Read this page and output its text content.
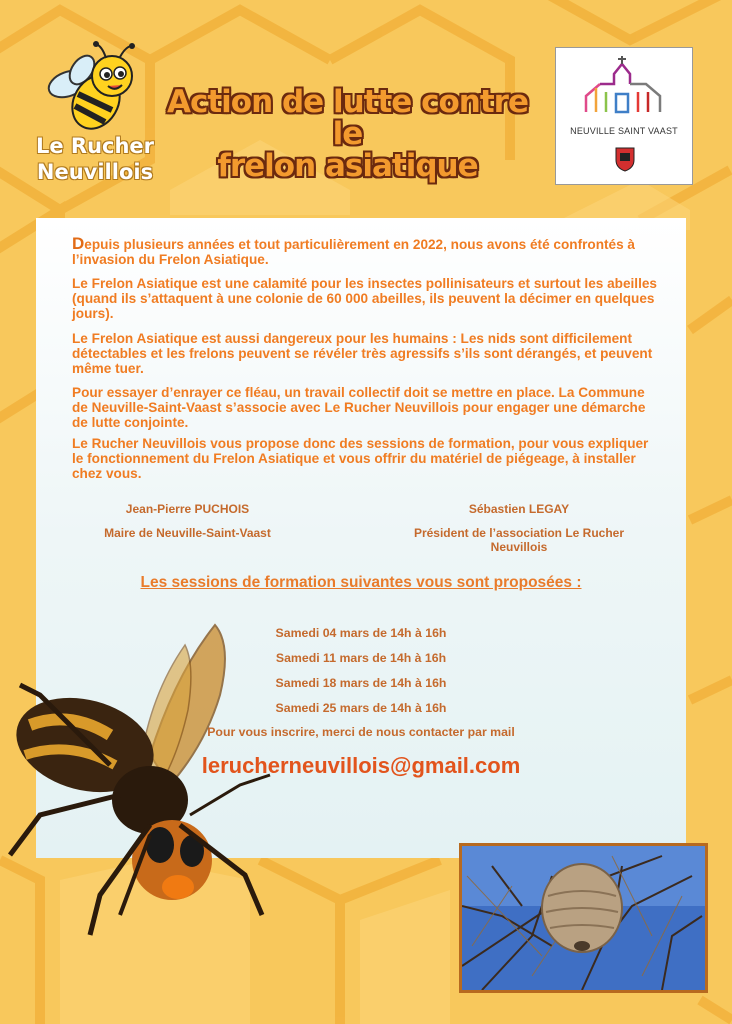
Le Rucher
Neuvillois
Action de lutte contre le
frelon asiatique
NEUVILLE SAINT VAAST
Depuis plusieurs années et tout particulièrement en 2022, nous avons été confrontés à l’invasion du Frelon Asiatique.
Le Frelon Asiatique est une calamité pour les insectes pollinisateurs et surtout les abeilles (quand ils s’attaquent à une colonie de 60 000 abeilles, ils peuvent la décimer en quelques jours).
Le Frelon Asiatique est aussi dangereux pour les humains : Les nids sont difficilement détectables et les frelons peuvent se révéler très agressifs s’ils sont dérangés, et peuvent même tuer.
Pour essayer d’enrayer ce fléau, un travail collectif doit se mettre en place. La Commune de Neuville-Saint-Vaast s’associe avec Le Rucher Neuvillois pour engager une démarche de lutte conjointe.
Le Rucher Neuvillois vous propose donc des sessions de formation, pour vous expliquer le fonctionnement du Frelon Asiatique et vous offrir du matériel de piégeage, à installer chez vous.
Jean-Pierre PUCHOIS
Maire de Neuville-Saint-Vaast
Sébastien LEGAY
Président de l’association Le Rucher
Neuvillois
Les sessions de formation suivantes vous sont proposées :
Samedi 04 mars de 14h à 16h
Samedi 11 mars de 14h à 16h
Samedi 18 mars de 14h à 16h
Samedi 25 mars de 14h à 16h
Pour vous inscrire, merci de nous contacter par mail
lerucherneuvillois@gmail.com
